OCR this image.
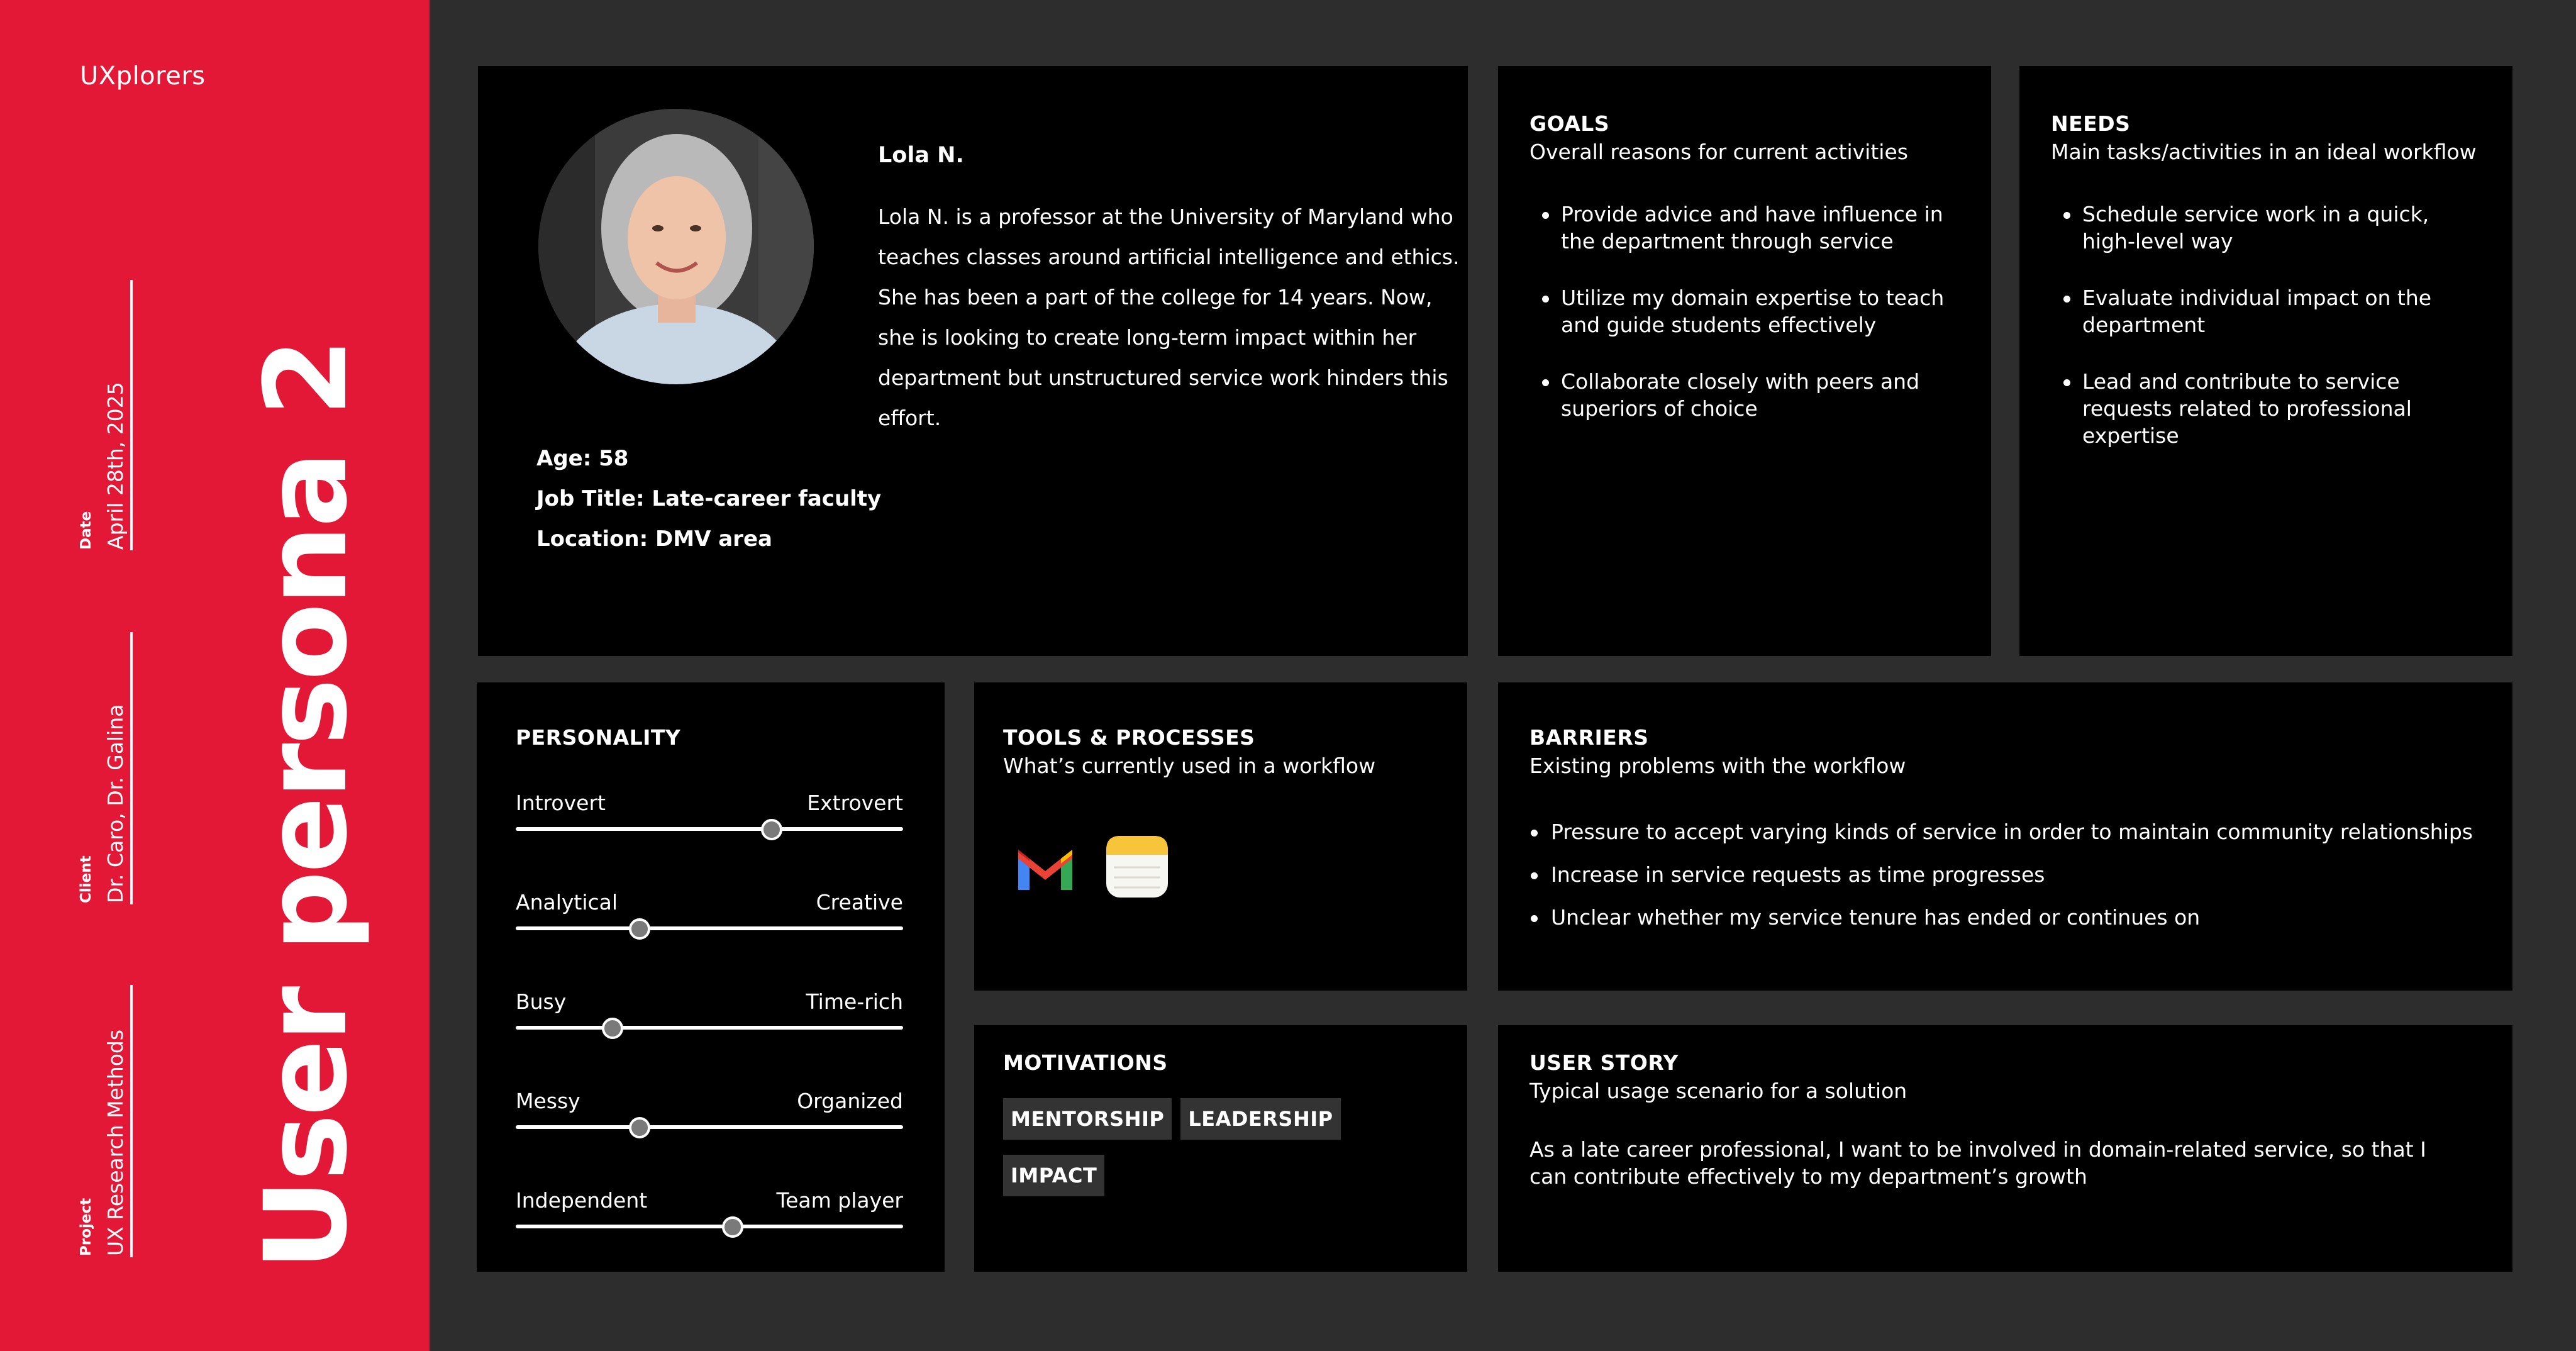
UXplorers
Date April 28th, 2025
Client Dr. Caro, Dr. Galina
Project UX Research Methods User persona 2
Lola N.
Lola N. is a professor at the University of Maryland who teaches classes around artificial intelligence and ethics. She has been a part of the college for 14 years. Now, she is looking to create long-term impact within her department but unstructured service work hinders this effort.
Age: 58
Job Title: Late-career faculty
Location: DMV area
GOALS
Overall reasons for current activities
Provide advice and have influence in the department through service
Utilize my domain expertise to teach and guide students effectively
Collaborate closely with peers and superiors of choice
NEEDS
Main tasks/activities in an ideal workflow
Schedule service work in a quick, high-level way
Evaluate individual impact on the department
Lead and contribute to service requests related to professional expertise
PERSONALITY
Introvert	Extrovert
Analytical	Creative
Busy	Time-rich
Messy	Organized
Independent	Team player
TOOLS & PROCESSES
What’s currently used in a workflow
MOTIVATIONS
MENTORSHIP LEADERSHIP
IMPACT
BARRIERS
Existing problems with the workflow
Pressure to accept varying kinds of service in order to maintain community relationships
Increase in service requests as time progresses
Unclear whether my service tenure has ended or continues on
USER STORY
Typical usage scenario for a solution
As a late career professional, I want to be involved in domain-related service, so that I can contribute effectively to my department’s growth
